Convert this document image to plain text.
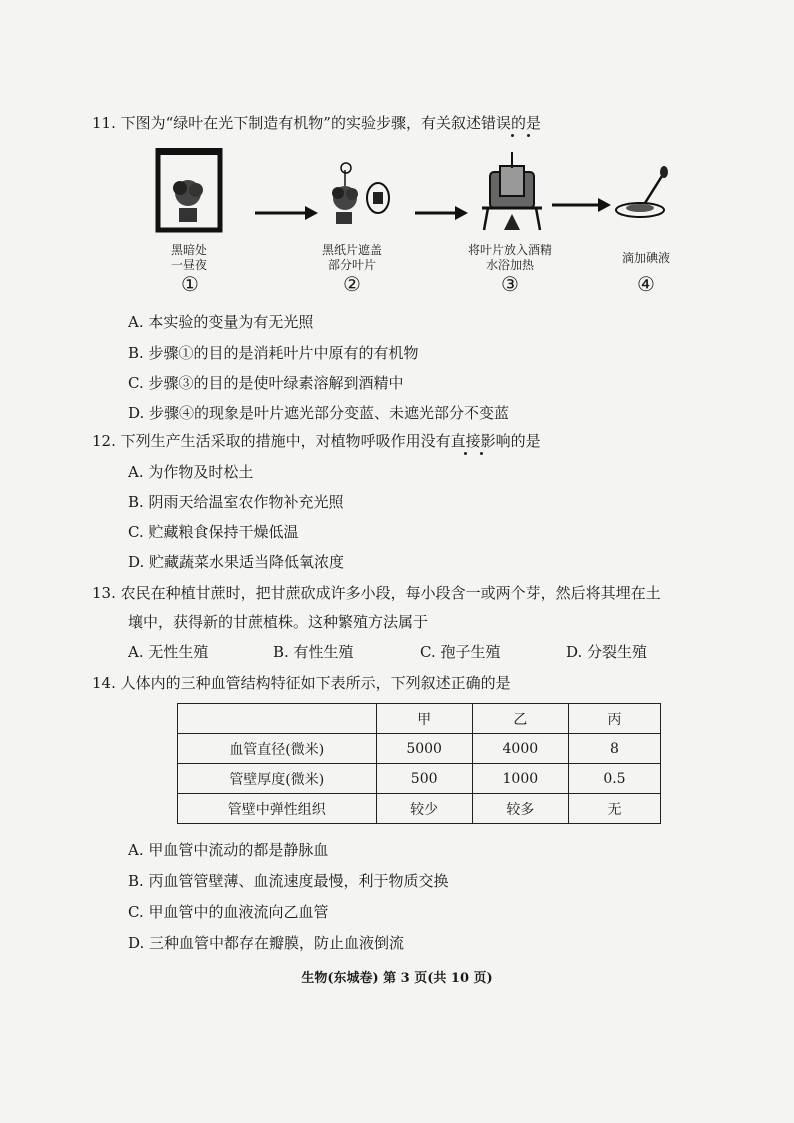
11. 下图为“绿叶在光下制造有机物”的实验步骤，有关叙述错误的是
黑暗处
一昼夜
①
黑纸片遮盖
部分叶片
②
将叶片放入酒精
水浴加热
③
滴加碘液
④
A. 本实验的变量为有无光照
B. 步骤①的目的是消耗叶片中原有的有机物
C. 步骤③的目的是使叶绿素溶解到酒精中
D. 步骤④的现象是叶片遮光部分变蓝、未遮光部分不变蓝
12. 下列生产生活采取的措施中，对植物呼吸作用没有直接影响的是
A. 为作物及时松土
B. 阴雨天给温室农作物补充光照
C. 贮藏粮食保持干燥低温
D. 贮藏蔬菜水果适当降低氧浓度
13. 农民在种植甘蔗时，把甘蔗砍成许多小段，每小段含一或两个芽，然后将其埋在土
壤中，获得新的甘蔗植株。这种繁殖方法属于
A. 无性生殖	B. 有性生殖	C. 孢子生殖	D. 分裂生殖
14. 人体内的三种血管结构特征如下表所示，下列叙述正确的是
	甲	乙	丙
血管直径(微米)	5000	4000	8
管壁厚度(微米)	500	1000	0.5
管壁中弹性组织	较少	较多	无
A. 甲血管中流动的都是静脉血
B. 丙血管管壁薄、血流速度最慢，利于物质交换
C. 甲血管中的血液流向乙血管
D. 三种血管中都存在瓣膜，防止血液倒流
生物(东城卷) 第 3 页(共 10 页)
